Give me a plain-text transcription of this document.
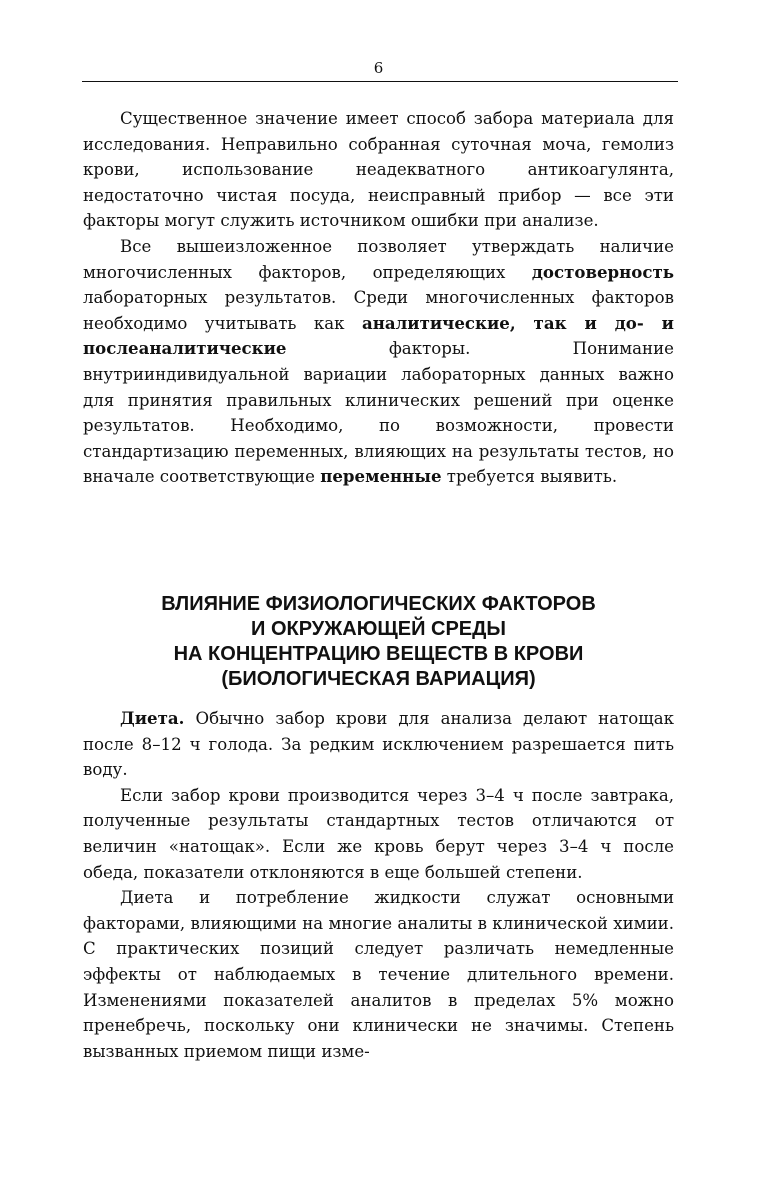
6

Существенное значение имеет способ забора материала для исследования. Неправильно собранная суточная моча, гемолиз крови, использование неадекватного антикоагулянта, недостаточно чистая посуда, неисправный прибор — все эти факторы могут служить источником ошибки при анализе.

Все вышеизложенное позволяет утверждать наличие многочисленных факторов, определяющих достоверность лабораторных результатов. Среди многочисленных факторов необходимо учитывать как аналитические, так и до- и послеаналитические факторы. Понимание внутрииндивидуальной вариации лабораторных данных важно для принятия правильных клинических решений при оценке результатов. Необходимо, по возможности, провести стандартизацию переменных, влияющих на результаты тестов, но вначале соответствующие переменные требуется выявить.

ВЛИЯНИЕ ФИЗИОЛОГИЧЕСКИХ ФАКТОРОВ
И ОКРУЖАЮЩЕЙ СРЕДЫ
НА КОНЦЕНТРАЦИЮ ВЕЩЕСТВ В КРОВИ
(БИОЛОГИЧЕСКАЯ ВАРИАЦИЯ)

Диета. Обычно забор крови для анализа делают натощак после 8–12 ч голода. За редким исключением разрешается пить воду.

Если забор крови производится через 3–4 ч после завтрака, полученные результаты стандартных тестов отличаются от величин «натощак». Если же кровь берут через 3–4 ч после обеда, показатели отклоняются в еще большей степени.

Диета и потребление жидкости служат основными факторами, влияющими на многие аналиты в клинической химии. С практических позиций следует различать немедленные эффекты от наблюдаемых в течение длительного времени. Изменениями показателей аналитов в пределах 5% можно пренебречь, поскольку они клинически не значимы. Степень вызванных приемом пищи изме-
